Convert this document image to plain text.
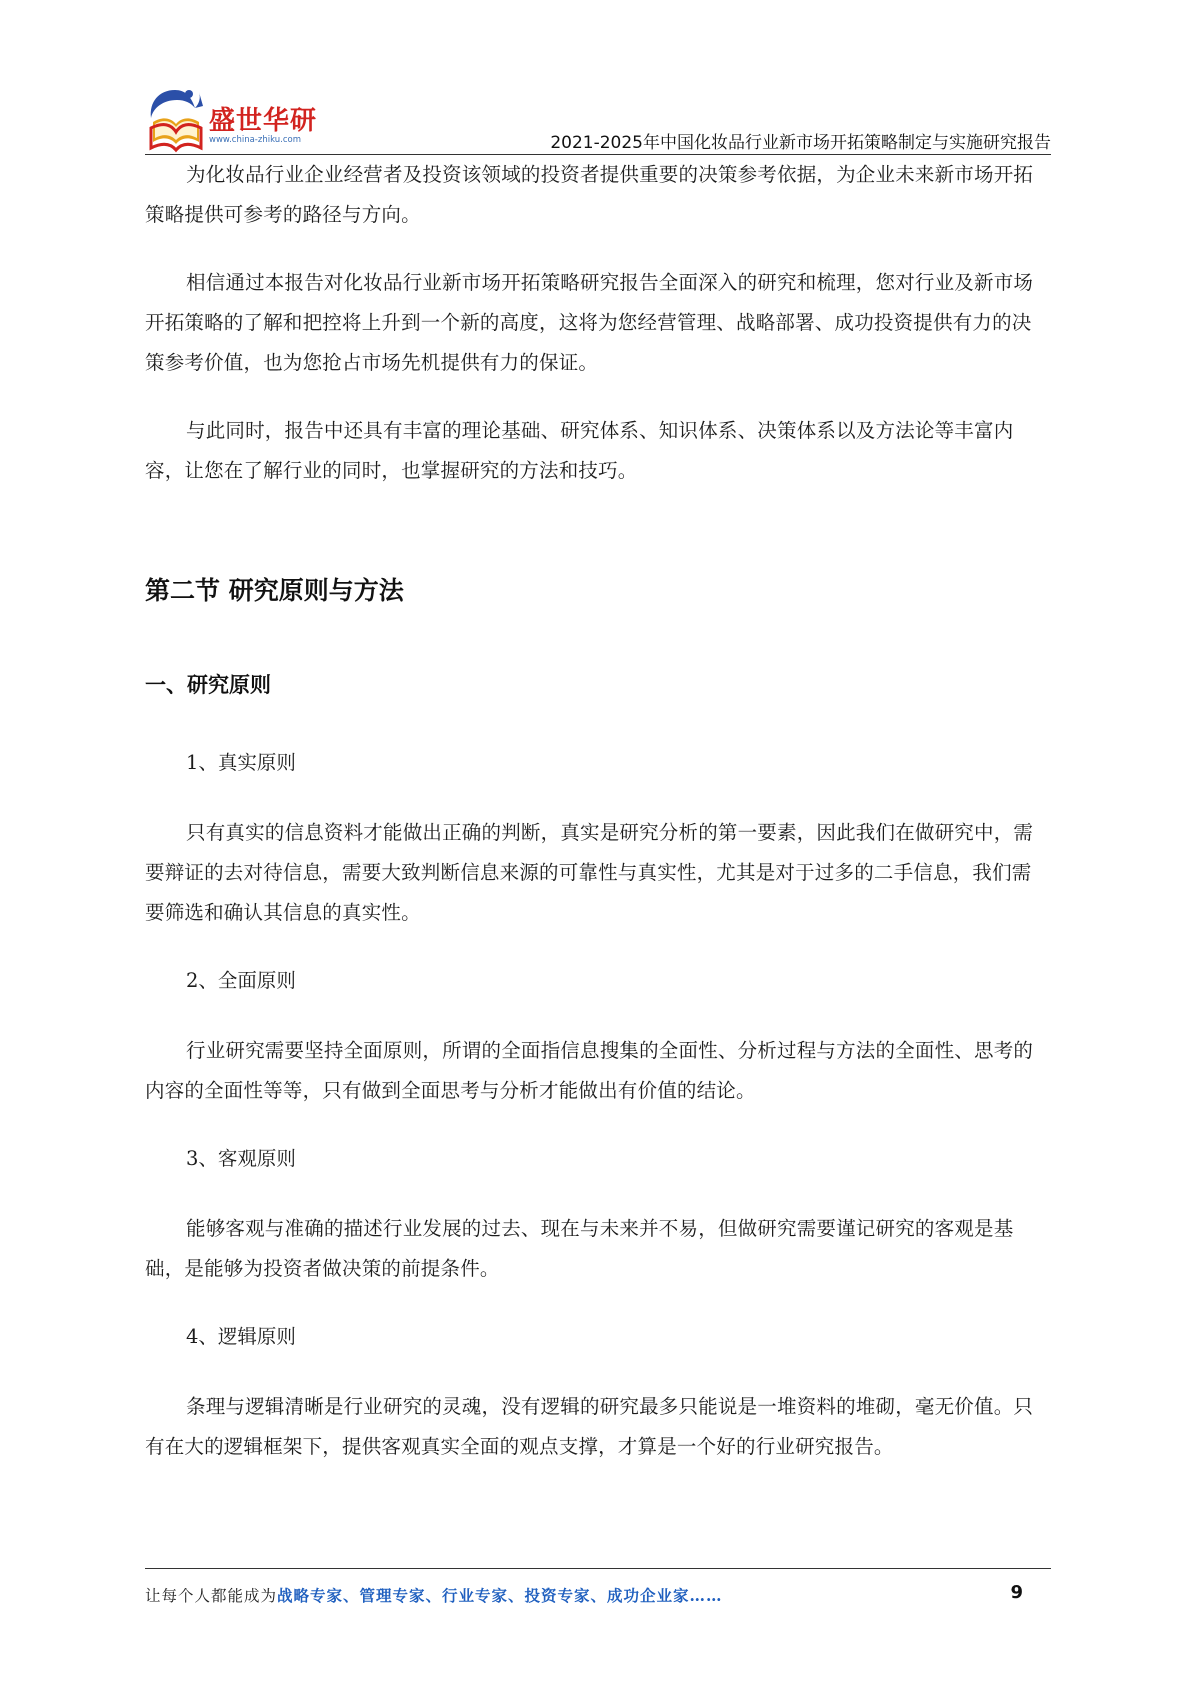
盛世华研
www.china-zhiku.com	2021-2025年中国化妆品行业新市场开拓策略制定与实施研究报告

为化妆品行业企业经营者及投资该领域的投资者提供重要的决策参考依据，为企业未来新市场开拓策略提供可参考的路径与方向。

相信通过本报告对化妆品行业新市场开拓策略研究报告全面深入的研究和梳理，您对行业及新市场开拓策略的了解和把控将上升到一个新的高度，这将为您经营管理、战略部署、成功投资提供有力的决策参考价值，也为您抢占市场先机提供有力的保证。

与此同时，报告中还具有丰富的理论基础、研究体系、知识体系、决策体系以及方法论等丰富内容，让您在了解行业的同时，也掌握研究的方法和技巧。

第二节 研究原则与方法
一、研究原则

1、真实原则

只有真实的信息资料才能做出正确的判断，真实是研究分析的第一要素，因此我们在做研究中，需要辩证的去对待信息，需要大致判断信息来源的可靠性与真实性，尤其是对于过多的二手信息，我们需要筛选和确认其信息的真实性。

2、全面原则

行业研究需要坚持全面原则，所谓的全面指信息搜集的全面性、分析过程与方法的全面性、思考的内容的全面性等等，只有做到全面思考与分析才能做出有价值的结论。

3、客观原则

能够客观与准确的描述行业发展的过去、现在与未来并不易，但做研究需要谨记研究的客观是基础，是能够为投资者做决策的前提条件。

4、逻辑原则

条理与逻辑清晰是行业研究的灵魂，没有逻辑的研究最多只能说是一堆资料的堆砌，毫无价值。只有在大的逻辑框架下，提供客观真实全面的观点支撑，才算是一个好的行业研究报告。

让每个人都能成为战略专家、管理专家、行业专家、投资专家、成功企业家……	9
